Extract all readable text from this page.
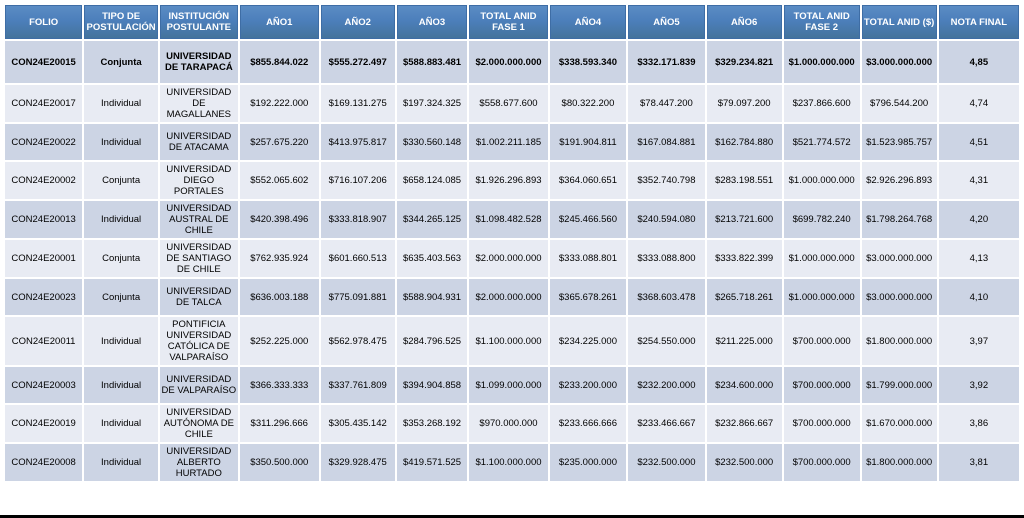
FOLIO	TIPO DE POSTULACIÓN	INSTITUCIÓN POSTULANTE	AÑO1	AÑO2	AÑO3	TOTAL ANID FASE 1	AÑO4	AÑO5	AÑO6	TOTAL ANID FASE 2	TOTAL ANID ($)	NOTA FINAL
CON24E20015	Conjunta	UNIVERSIDAD DE TARAPACÁ	$855.844.022	$555.272.497	$588.883.481	$2.000.000.000	$338.593.340	$332.171.839	$329.234.821	$1.000.000.000	$3.000.000.000	4,85
CON24E20017	Individual	UNIVERSIDAD DE MAGALLANES	$192.222.000	$169.131.275	$197.324.325	$558.677.600	$80.322.200	$78.447.200	$79.097.200	$237.866.600	$796.544.200	4,74
CON24E20022	Individual	UNIVERSIDAD DE ATACAMA	$257.675.220	$413.975.817	$330.560.148	$1.002.211.185	$191.904.811	$167.084.881	$162.784.880	$521.774.572	$1.523.985.757	4,51
CON24E20002	Conjunta	UNIVERSIDAD DIEGO PORTALES	$552.065.602	$716.107.206	$658.124.085	$1.926.296.893	$364.060.651	$352.740.798	$283.198.551	$1.000.000.000	$2.926.296.893	4,31
CON24E20013	Individual	UNIVERSIDAD AUSTRAL DE CHILE	$420.398.496	$333.818.907	$344.265.125	$1.098.482.528	$245.466.560	$240.594.080	$213.721.600	$699.782.240	$1.798.264.768	4,20
CON24E20001	Conjunta	UNIVERSIDAD DE SANTIAGO DE CHILE	$762.935.924	$601.660.513	$635.403.563	$2.000.000.000	$333.088.801	$333.088.800	$333.822.399	$1.000.000.000	$3.000.000.000	4,13
CON24E20023	Conjunta	UNIVERSIDAD DE TALCA	$636.003.188	$775.091.881	$588.904.931	$2.000.000.000	$365.678.261	$368.603.478	$265.718.261	$1.000.000.000	$3.000.000.000	4,10
CON24E20011	Individual	PONTIFICIA UNIVERSIDAD CATÓLICA DE VALPARAÍSO	$252.225.000	$562.978.475	$284.796.525	$1.100.000.000	$234.225.000	$254.550.000	$211.225.000	$700.000.000	$1.800.000.000	3,97
CON24E20003	Individual	UNIVERSIDAD DE VALPARAÍSO	$366.333.333	$337.761.809	$394.904.858	$1.099.000.000	$233.200.000	$232.200.000	$234.600.000	$700.000.000	$1.799.000.000	3,92
CON24E20019	Individual	UNIVERSIDAD AUTÓNOMA DE CHILE	$311.296.666	$305.435.142	$353.268.192	$970.000.000	$233.666.666	$233.466.667	$232.866.667	$700.000.000	$1.670.000.000	3,86
CON24E20008	Individual	UNIVERSIDAD ALBERTO HURTADO	$350.500.000	$329.928.475	$419.571.525	$1.100.000.000	$235.000.000	$232.500.000	$232.500.000	$700.000.000	$1.800.000.000	3,81
